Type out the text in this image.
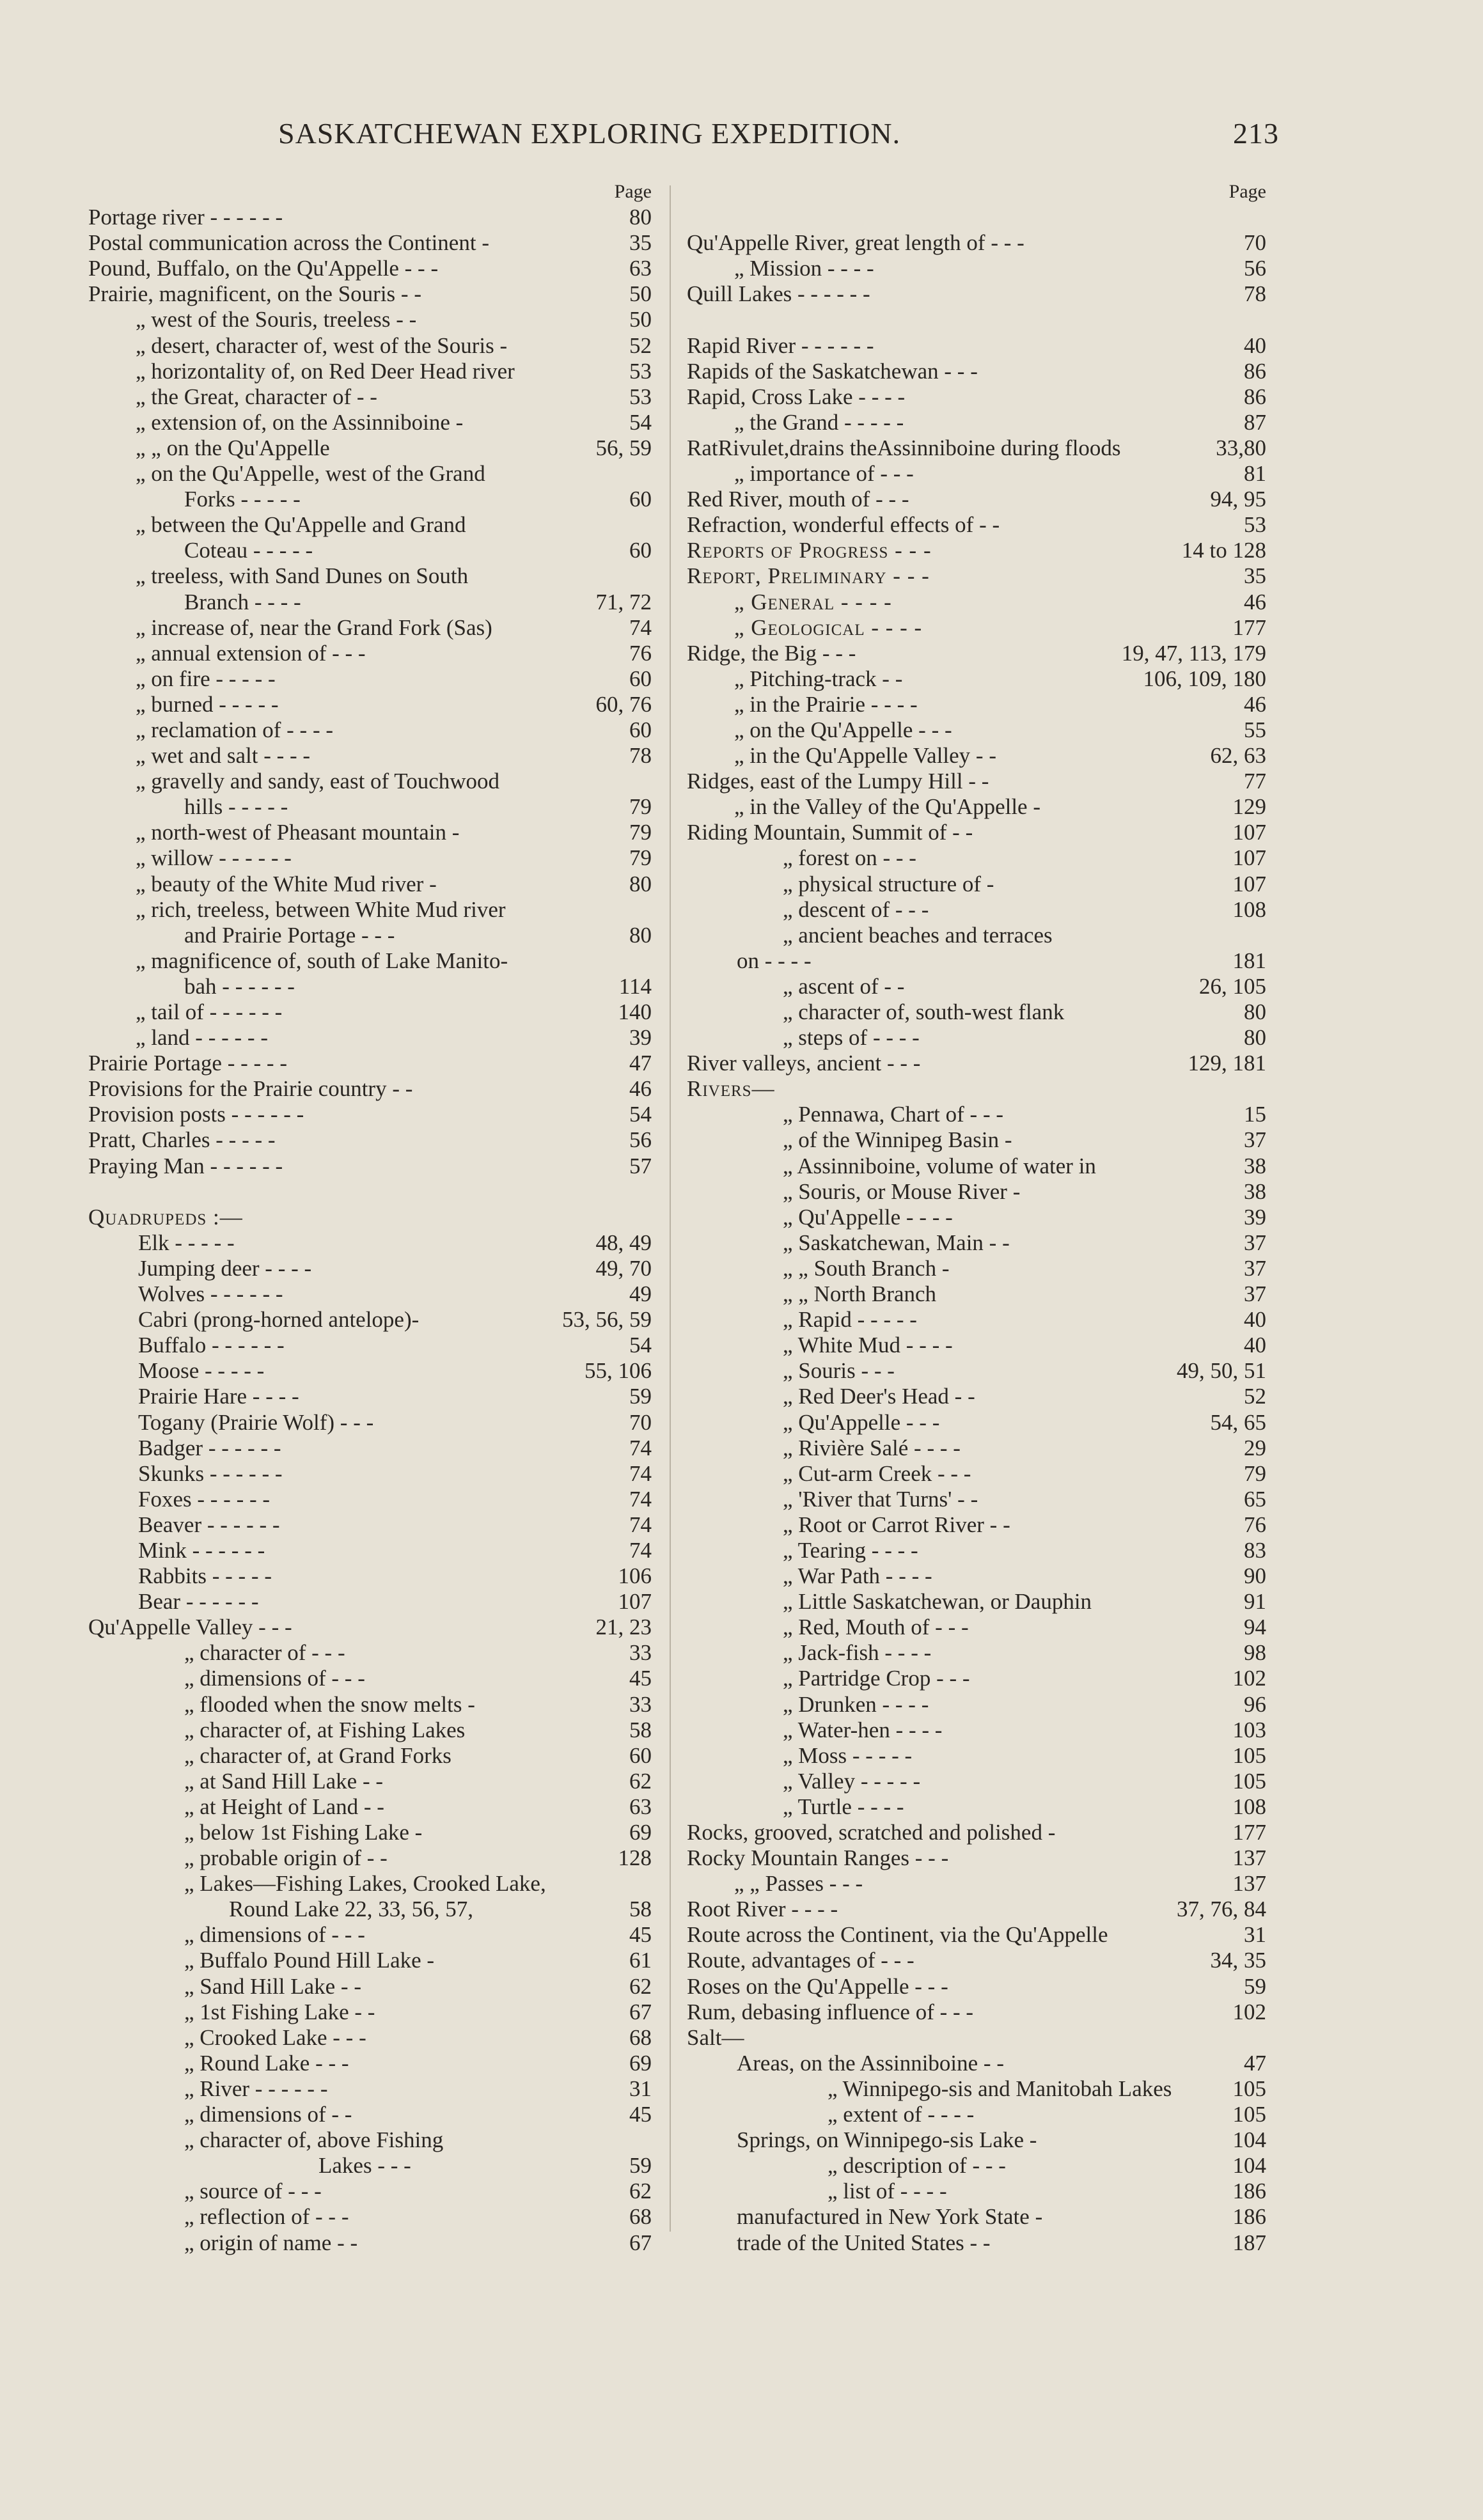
SASKATCHEWAN EXPLORING EXPEDITION.	213
Page
Portage river - - - - - -	80
Postal communication across the Continent -	35
Pound, Buffalo, on the Qu'Appelle - - -	63
Prairie, magnificent, on the Souris - -	50
„ west of the Souris, treeless - -	50
„ desert, character of, west of the Souris -	52
„ horizontality of, on Red Deer Head river	53
„ the Great, character of - -	53
„ extension of, on the Assinniboine -	54
„ „ on the Qu'Appelle	56, 59
„ on the Qu'Appelle, west of the Grand
Forks - - - - -	60
„ between the Qu'Appelle and Grand
Coteau - - - - -	60
„ treeless, with Sand Dunes on South
Branch - - - -	71, 72
„ increase of, near the Grand Fork (Sas)	74
„ annual extension of - - -	76
„ on fire - - - - -	60
„ burned - - - - -	60, 76
„ reclamation of - - - -	60
„ wet and salt - - - -	78
„ gravelly and sandy, east of Touchwood
hills - - - - -	79
„ north-west of Pheasant mountain -	79
„ willow - - - - - -	79
„ beauty of the White Mud river -	80
„ rich, treeless, between White Mud river
and Prairie Portage - - -	80
„ magnificence of, south of Lake Manito-
bah - - - - - -	114
„ tail of - - - - - -	140
„ land - - - - - -	39
Prairie Portage - - - - -	47
Provisions for the Prairie country - -	46
Provision posts - - - - - -	54
Pratt, Charles - - - - -	56
Praying Man - - - - - -	57
Quadrupeds :—
Elk - - - - -	48, 49
Jumping deer - - - -	49, 70
Wolves - - - - - -	49
Cabri (prong-horned antelope)-	53, 56, 59
Buffalo - - - - - -	54
Moose - - - - -	55, 106
Prairie Hare - - - -	59
Togany (Prairie Wolf) - - -	70
Badger - - - - - -	74
Skunks - - - - - -	74
Foxes - - - - - -	74
Beaver - - - - - -	74
Mink - - - - - -	74
Rabbits - - - - -	106
Bear - - - - - -	107
Qu'Appelle Valley - - -	21, 23
„ character of - - -	33
„ dimensions of - - -	45
„ flooded when the snow melts -	33
„ character of, at Fishing Lakes	58
„ character of, at Grand Forks	60
„ at Sand Hill Lake - -	62
„ at Height of Land - -	63
„ below 1st Fishing Lake -	69
„ probable origin of - -	128
„ Lakes—Fishing Lakes, Crooked Lake,
Round Lake 22, 33, 56, 57,	58
„ dimensions of - - -	45
„ Buffalo Pound Hill Lake -	61
„ Sand Hill Lake - -	62
„ 1st Fishing Lake - -	67
„ Crooked Lake - - -	68
„ Round Lake - - -	69
„ River - - - - - -	31
„ dimensions of - -	45
„ character of, above Fishing
Lakes - - -	59
„ source of - - -	62
„ reflection of - - -	68
„ origin of name - -	67
Page
Qu'Appelle River, great length of - - -	70
„ Mission - - - -	56
Quill Lakes - - - - - -	78
Rapid River - - - - - -	40
Rapids of the Saskatchewan - - -	86
Rapid, Cross Lake - - - -	86
„ the Grand - - - - -	87
RatRivulet,drains theAssinniboine during floods	33,80
„ importance of - - -	81
Red River, mouth of - - -	94, 95
Refraction, wonderful effects of - -	53
Reports of Progress - - -	14 to 128
Report, Preliminary - - -	35
„ General - - - -	46
„ Geological - - - -	177
Ridge, the Big - - -	19, 47, 113, 179
„ Pitching-track - -	106, 109, 180
„ in the Prairie - - - -	46
„ on the Qu'Appelle - - -	55
„ in the Qu'Appelle Valley - -	62, 63
Ridges, east of the Lumpy Hill - -	77
„ in the Valley of the Qu'Appelle -	129
Riding Mountain, Summit of - -	107
„ forest on - - -	107
„ physical structure of -	107
„ descent of - - -	108
„ ancient beaches and terraces
on - - - -	181
„ ascent of - -	26, 105
„ character of, south-west flank	80
„ steps of - - - -	80
River valleys, ancient - - -	129, 181
Rivers—
„ Pennawa, Chart of - - -	15
„ of the Winnipeg Basin -	37
„ Assinniboine, volume of water in	38
„ Souris, or Mouse River -	38
„ Qu'Appelle - - - -	39
„ Saskatchewan, Main - -	37
„ „ South Branch -	37
„ „ North Branch	37
„ Rapid - - - - -	40
„ White Mud - - - -	40
„ Souris - - -	49, 50, 51
„ Red Deer's Head - -	52
„ Qu'Appelle - - -	54, 65
„ Rivière Salé - - - -	29
„ Cut-arm Creek - - -	79
„ 'River that Turns' - -	65
„ Root or Carrot River - -	76
„ Tearing - - - -	83
„ War Path - - - -	90
„ Little Saskatchewan, or Dauphin	91
„ Red, Mouth of - - -	94
„ Jack-fish - - - -	98
„ Partridge Crop - - -	102
„ Drunken - - - -	96
„ Water-hen - - - -	103
„ Moss - - - - -	105
„ Valley - - - - -	105
„ Turtle - - - -	108
Rocks, grooved, scratched and polished -	177
Rocky Mountain Ranges - - -	137
„ „ Passes - - -	137
Root River - - - -	37, 76, 84
Route across the Continent, via the Qu'Appelle	31
Route, advantages of - - -	34, 35
Roses on the Qu'Appelle - - -	59
Rum, debasing influence of - - -	102
Salt—
Areas, on the Assinniboine - -	47
„ Winnipego-sis and Manitobah Lakes	105
„ extent of - - - -	105
Springs, on Winnipego-sis Lake -	104
„ description of - - -	104
„ list of - - - -	186
manufactured in New York State -	186
trade of the United States - -	187
